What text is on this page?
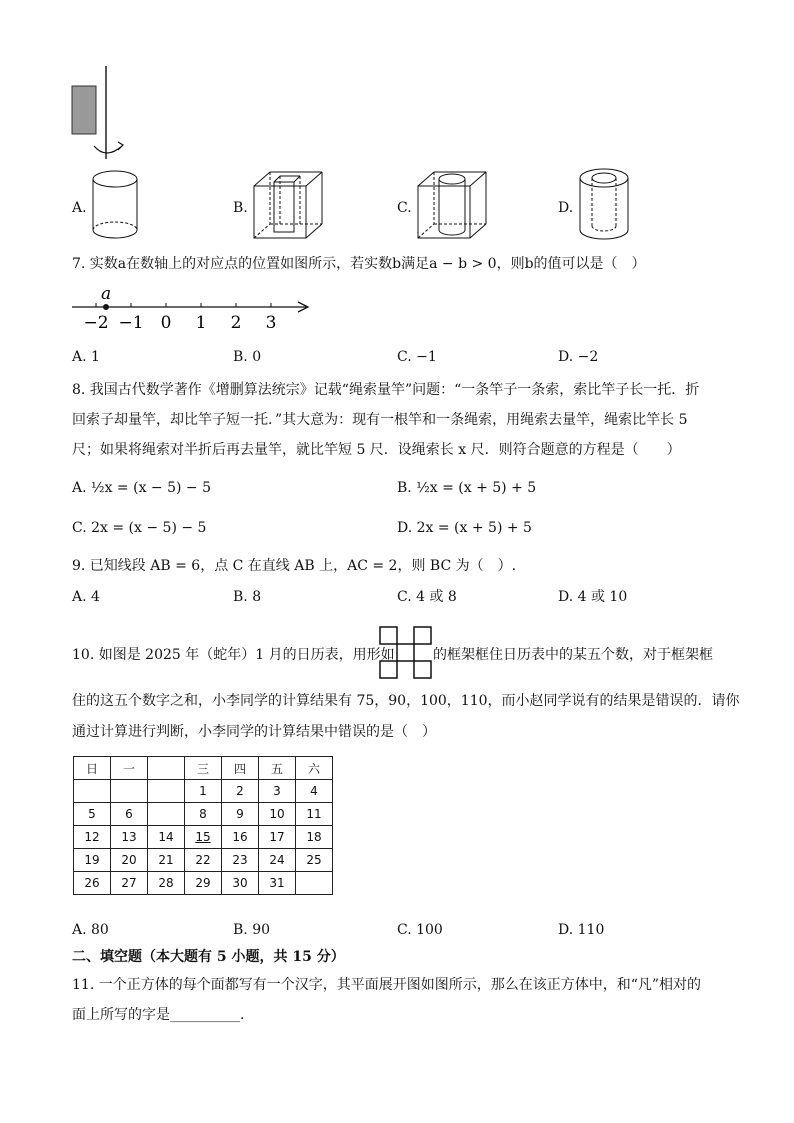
A.	B.	C.	D.
7. 实数a在数轴上的对应点的位置如图所示，若实数b满足a − b > 0，则b的值可以是（　）
a
−2 −1 0 1 2 3
A. 1	B. 0	C. −1	D. −2
8. 我国古代数学著作《增删算法统宗》记载“绳索量竿”问题：“一条竿子一条索，索比竿子长一托．折
回索子却量竿，却比竿子短一托．”其大意为：现有一根竿和一条绳索，用绳索去量竿，绳索比竿长 5
尺；如果将绳索对半折后再去量竿，就比竿短 5 尺．设绳索长 x 尺．则符合题意的方程是（　　）
A. ½x = (x − 5) − 5	B. ½x = (x + 5) + 5
C. 2x = (x − 5) − 5	D. 2x = (x + 5) + 5
9. 已知线段 AB = 6，点 C 在直线 AB 上，AC = 2，则 BC 为（　）.
A. 4	B. 8	C. 4 或 8	D. 4 或 10
10. 如图是 2025 年（蛇年）1 月的日历表，用形如	的框架框住日历表中的某五个数，对于框架框
住的这五个数字之和，小李同学的计算结果有 75，90，100，110，而小赵同学说有的结果是错误的．请你
通过计算进行判断，小李同学的计算结果中错误的是（　）
日	一		三	四	五	六
			1	2	3	4
5	6		8	9	10	11
12	13	14	15	16	17	18
19	20	21	22	23	24	25
26	27	28	29	30	31	
A. 80	B. 90	C. 100	D. 110
二、填空题（本大题有 5 小题，共 15 分）
11. 一个正方体的每个面都写有一个汉字，其平面展开图如图所示，那么在该正方体中，和“凡”相对的
面上所写的字是__________.
